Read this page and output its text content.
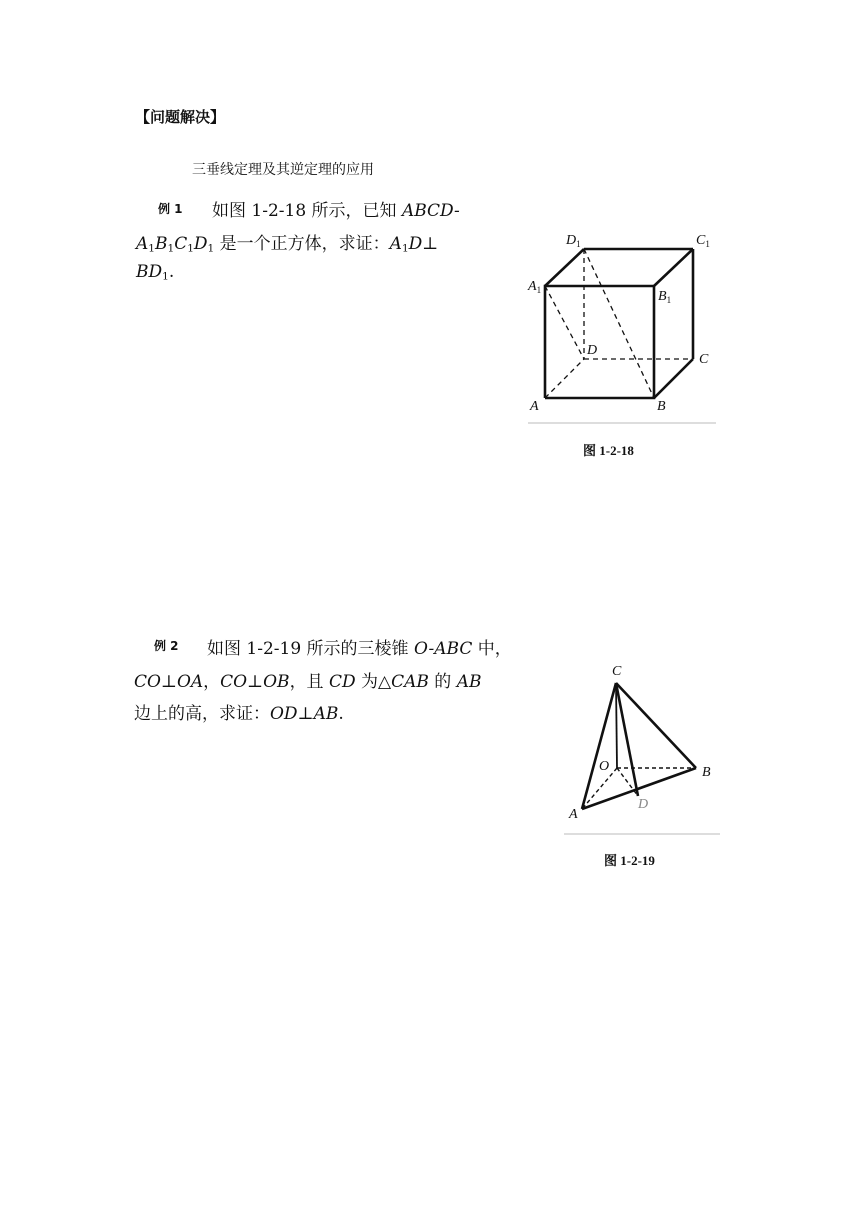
【问题解决】
三垂线定理及其逆定理的应用
例 1 如图 1-2-18 所示，已知 ABCD-
$A_1B_1C_1D_1$ 是一个正方体，求证：$A_1D\perp$
$BD_1$.
$D_1$	$C_1$
$A_1$	$B_1$
D
C
A	B
图 1-2-18
例 2 如图 1-2-19 所示的三棱锥 O-ABC 中，
CO⊥OA，CO⊥OB，且 CD 为△CAB 的 AB
边上的高，求证：OD⊥AB.
C
O	B
A
D
图 1-2-19
